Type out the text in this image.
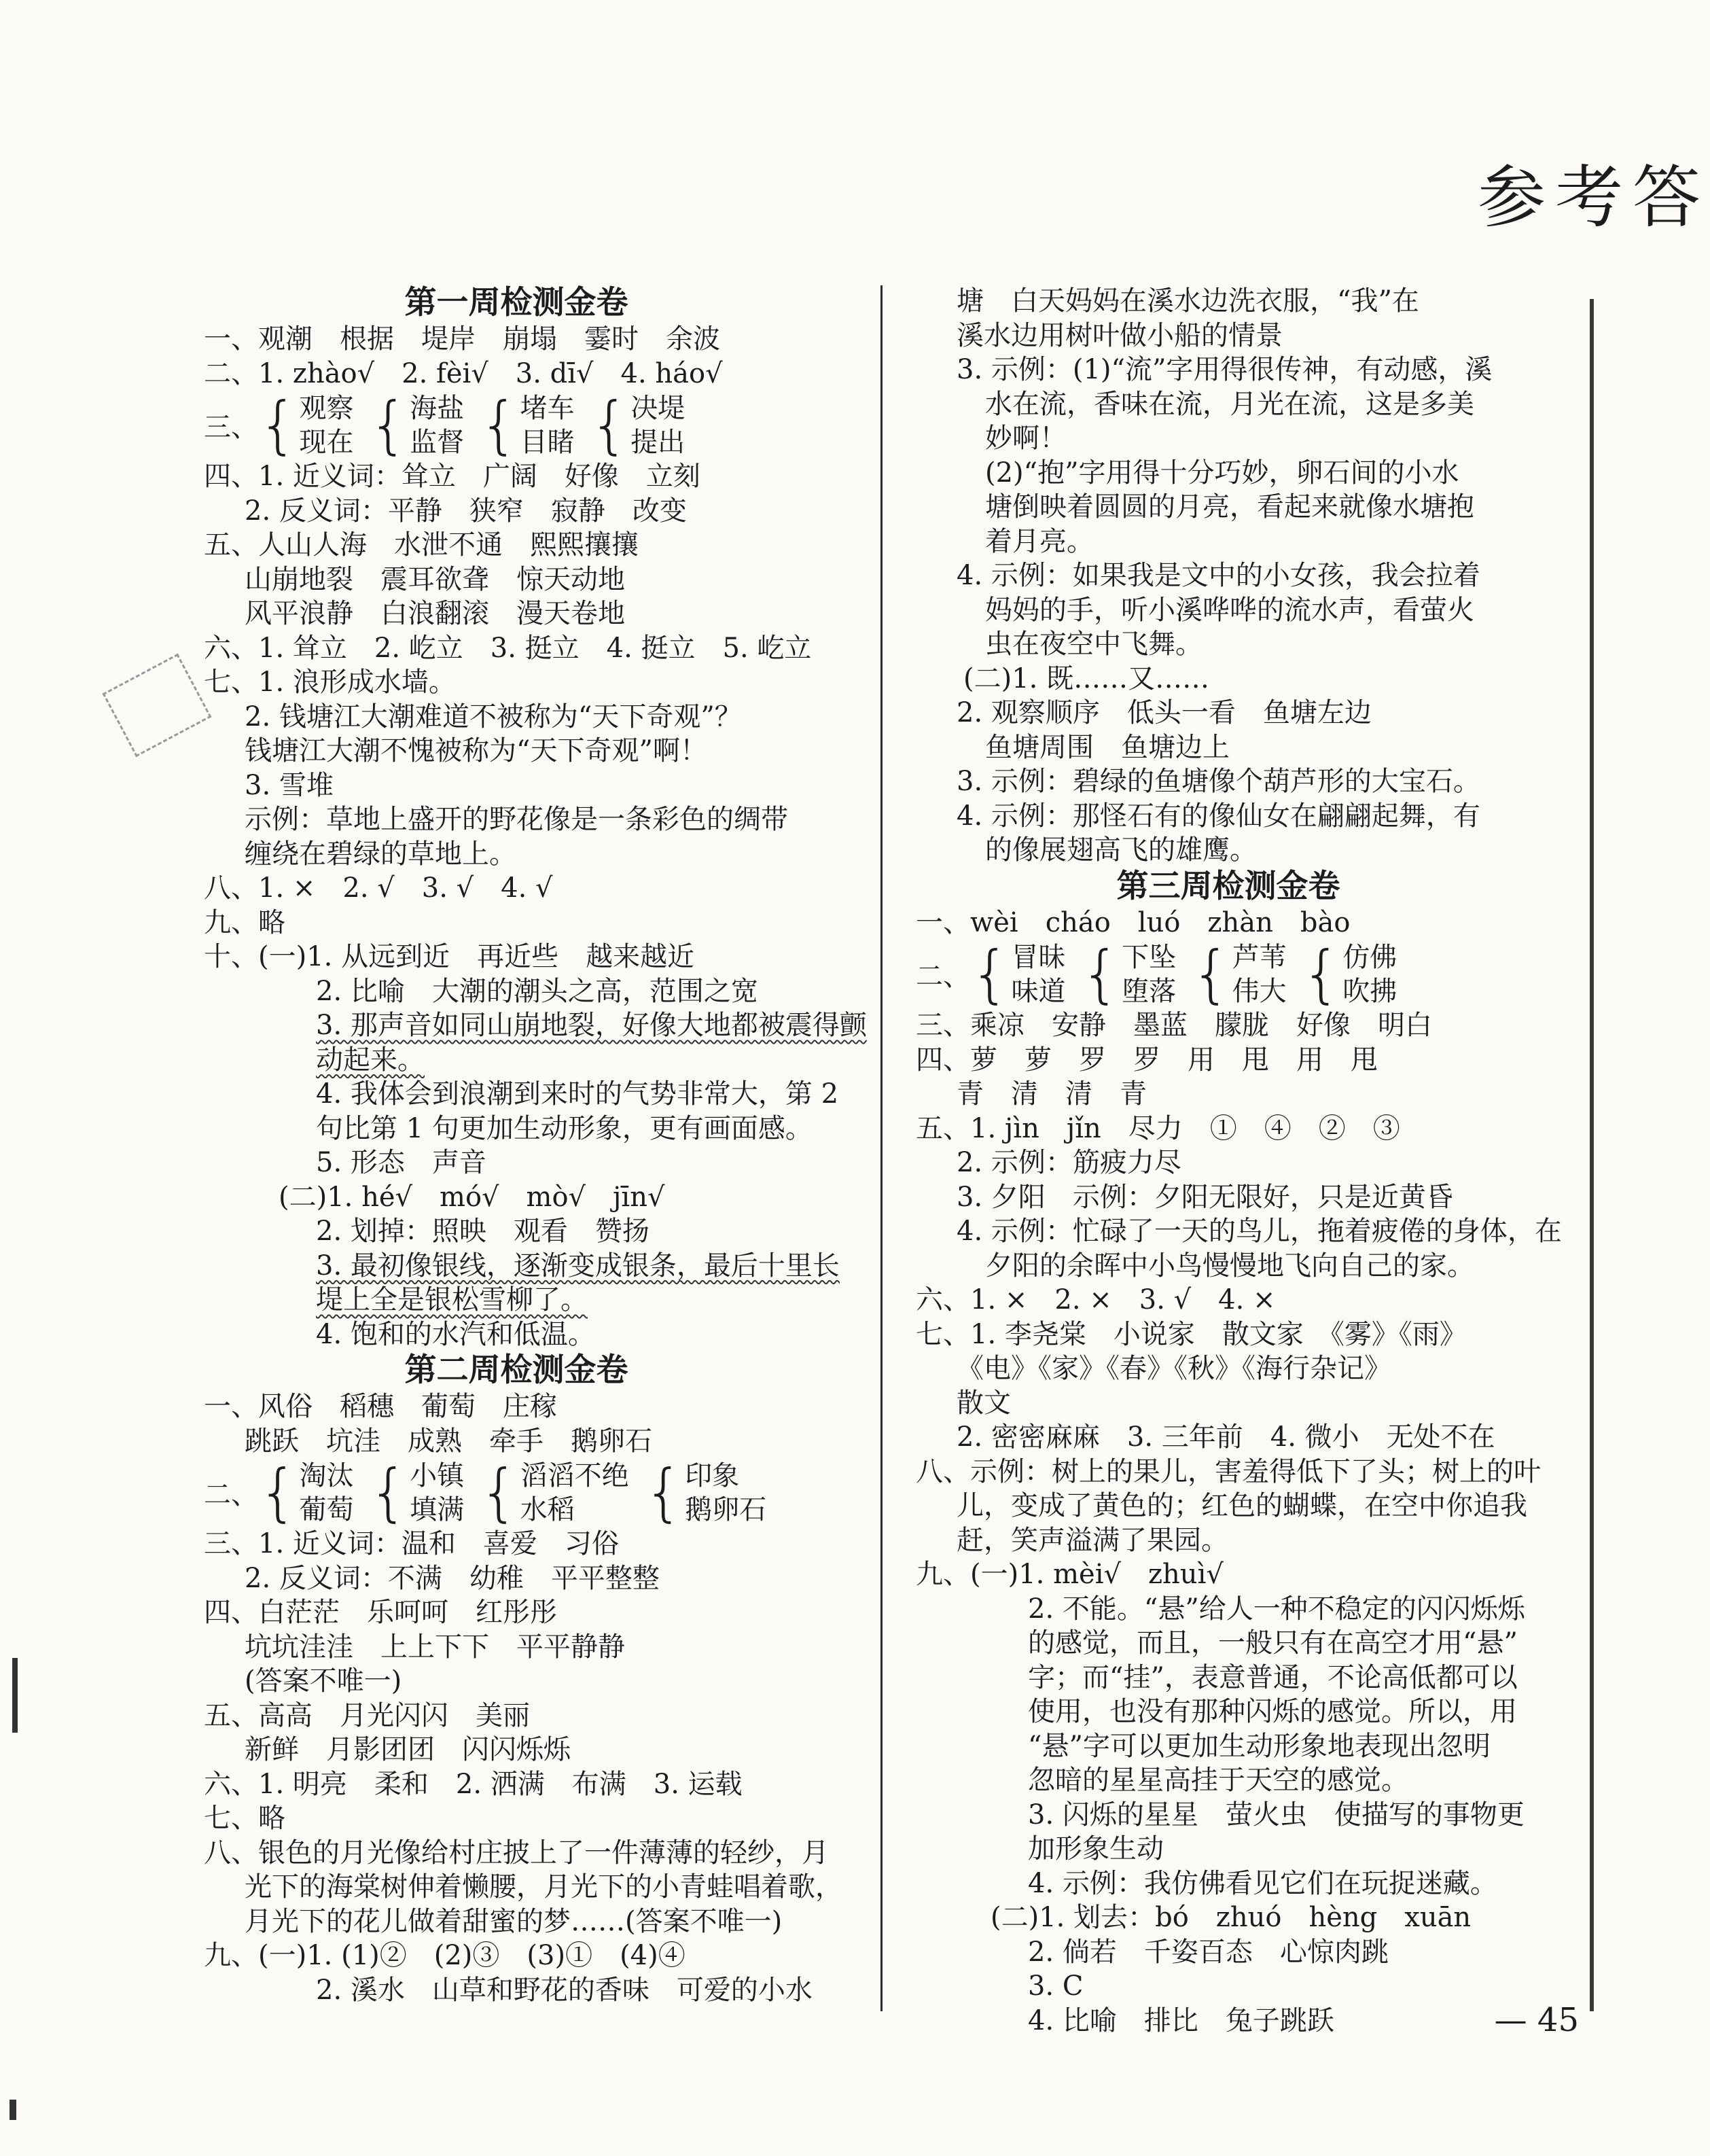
参考答
第一周检测金卷
一、观潮　根据　堤岸　崩塌　霎时　余波
二、1. zhào√　2. fèi√　3. dī√　4. háo√
三、 { 观察
现在 { 海盐
监督 { 堵车
目睹 { 决堤
提出
四、1. 近义词：耸立　广阔　好像　立刻
2. 反义词：平静　狭窄　寂静　改变
五、人山人海　水泄不通　熙熙攘攘
山崩地裂　震耳欲聋　惊天动地
风平浪静　白浪翻滚　漫天卷地
六、1. 耸立　2. 屹立　3. 挺立　4. 挺立　5. 屹立
七、1. 浪形成水墙。
2. 钱塘江大潮难道不被称为“天下奇观”？
钱塘江大潮不愧被称为“天下奇观”啊！
3. 雪堆
示例：草地上盛开的野花像是一条彩色的绸带
缠绕在碧绿的草地上。
八、1. ×　2. √　3. √　4. √
九、略
十、(一)1. 从远到近　再近些　越来越近
2. 比喻　大潮的潮头之高，范围之宽
3. 那声音如同山崩地裂，好像大地都被震得颤
动起来。
4. 我体会到浪潮到来时的气势非常大，第 2
句比第 1 句更加生动形象，更有画面感。
5. 形态　声音
(二)1. hé√　mó√　mò√　jīn√
2. 划掉：照映　观看　赞扬
3. 最初像银线，逐渐变成银条，最后十里长
堤上全是银松雪柳了。
4. 饱和的水汽和低温。
第二周检测金卷
一、风俗　稻穗　葡萄　庄稼
跳跃　坑洼　成熟　牵手　鹅卵石
二、 { 淘汰
葡萄 { 小镇
填满 { 滔滔不绝
水稻	{ 印象
鹅卵石
三、1. 近义词：温和　喜爱　习俗
2. 反义词：不满　幼稚　平平整整
四、白茫茫　乐呵呵　红彤彤
坑坑洼洼　上上下下　平平静静
(答案不唯一)
五、高高　月光闪闪　美丽
新鲜　月影团团　闪闪烁烁
六、1. 明亮　柔和　2. 洒满　布满　3. 运载
七、略
八、银色的月光像给村庄披上了一件薄薄的轻纱，月
光下的海棠树伸着懒腰，月光下的小青蛙唱着歌，
月光下的花儿做着甜蜜的梦……(答案不唯一)
九、(一)1. (1)②　(2)③　(3)①　(4)④
2. 溪水　山草和野花的香味　可爱的小水
塘　白天妈妈在溪水边洗衣服，“我”在
溪水边用树叶做小船的情景
3. 示例：(1)“流”字用得很传神，有动感，溪
水在流，香味在流，月光在流，这是多美
妙啊！
(2)“抱”字用得十分巧妙，卵石间的小水
塘倒映着圆圆的月亮，看起来就像水塘抱
着月亮。
4. 示例：如果我是文中的小女孩，我会拉着
妈妈的手，听小溪哗哗的流水声，看萤火
虫在夜空中飞舞。
(二)1. 既……又……
2. 观察顺序　低头一看　鱼塘左边
鱼塘周围　鱼塘边上
3. 示例：碧绿的鱼塘像个葫芦形的大宝石。
4. 示例：那怪石有的像仙女在翩翩起舞，有
的像展翅高飞的雄鹰。
第三周检测金卷
一、wèi　cháo　luó　zhàn　bào
二、 { 冒昧
味道 { 下坠
堕落 { 芦苇
伟大 { 仿佛
吹拂
三、乘凉　安静　墨蓝　朦胧　好像　明白
四、萝　萝　罗　罗　用　甩　用　甩
青　清　清　青
五、1. jìn　jǐn　尽力　①　④　②　③
2. 示例：筋疲力尽
3. 夕阳　示例：夕阳无限好，只是近黄昏
4. 示例：忙碌了一天的鸟儿，拖着疲倦的身体，在
夕阳的余晖中小鸟慢慢地飞向自己的家。
六、1. ×　2. ×　3. √　4. ×
七、1. 李尧棠　小说家　散文家　《雾》《雨》
《电》《家》《春》《秋》《海行杂记》
散文
2. 密密麻麻　3. 三年前　4. 微小　无处不在
八、示例：树上的果儿，害羞得低下了头；树上的叶
儿，变成了黄色的；红色的蝴蝶，在空中你追我
赶，笑声溢满了果园。
九、(一)1. mèi√　zhuì√
2. 不能。“悬”给人一种不稳定的闪闪烁烁
的感觉，而且，一般只有在高空才用“悬”
字；而“挂”，表意普通，不论高低都可以
使用，也没有那种闪烁的感觉。所以，用
“悬”字可以更加生动形象地表现出忽明
忽暗的星星高挂于天空的感觉。
3. 闪烁的星星　萤火虫　使描写的事物更
加形象生动
4. 示例：我仿佛看见它们在玩捉迷藏。
(二)1. 划去：bó　zhuó　hèng　xuān
2. 倘若　千姿百态　心惊肉跳
3. C
4. 比喻　排比　兔子跳跃	— 45
